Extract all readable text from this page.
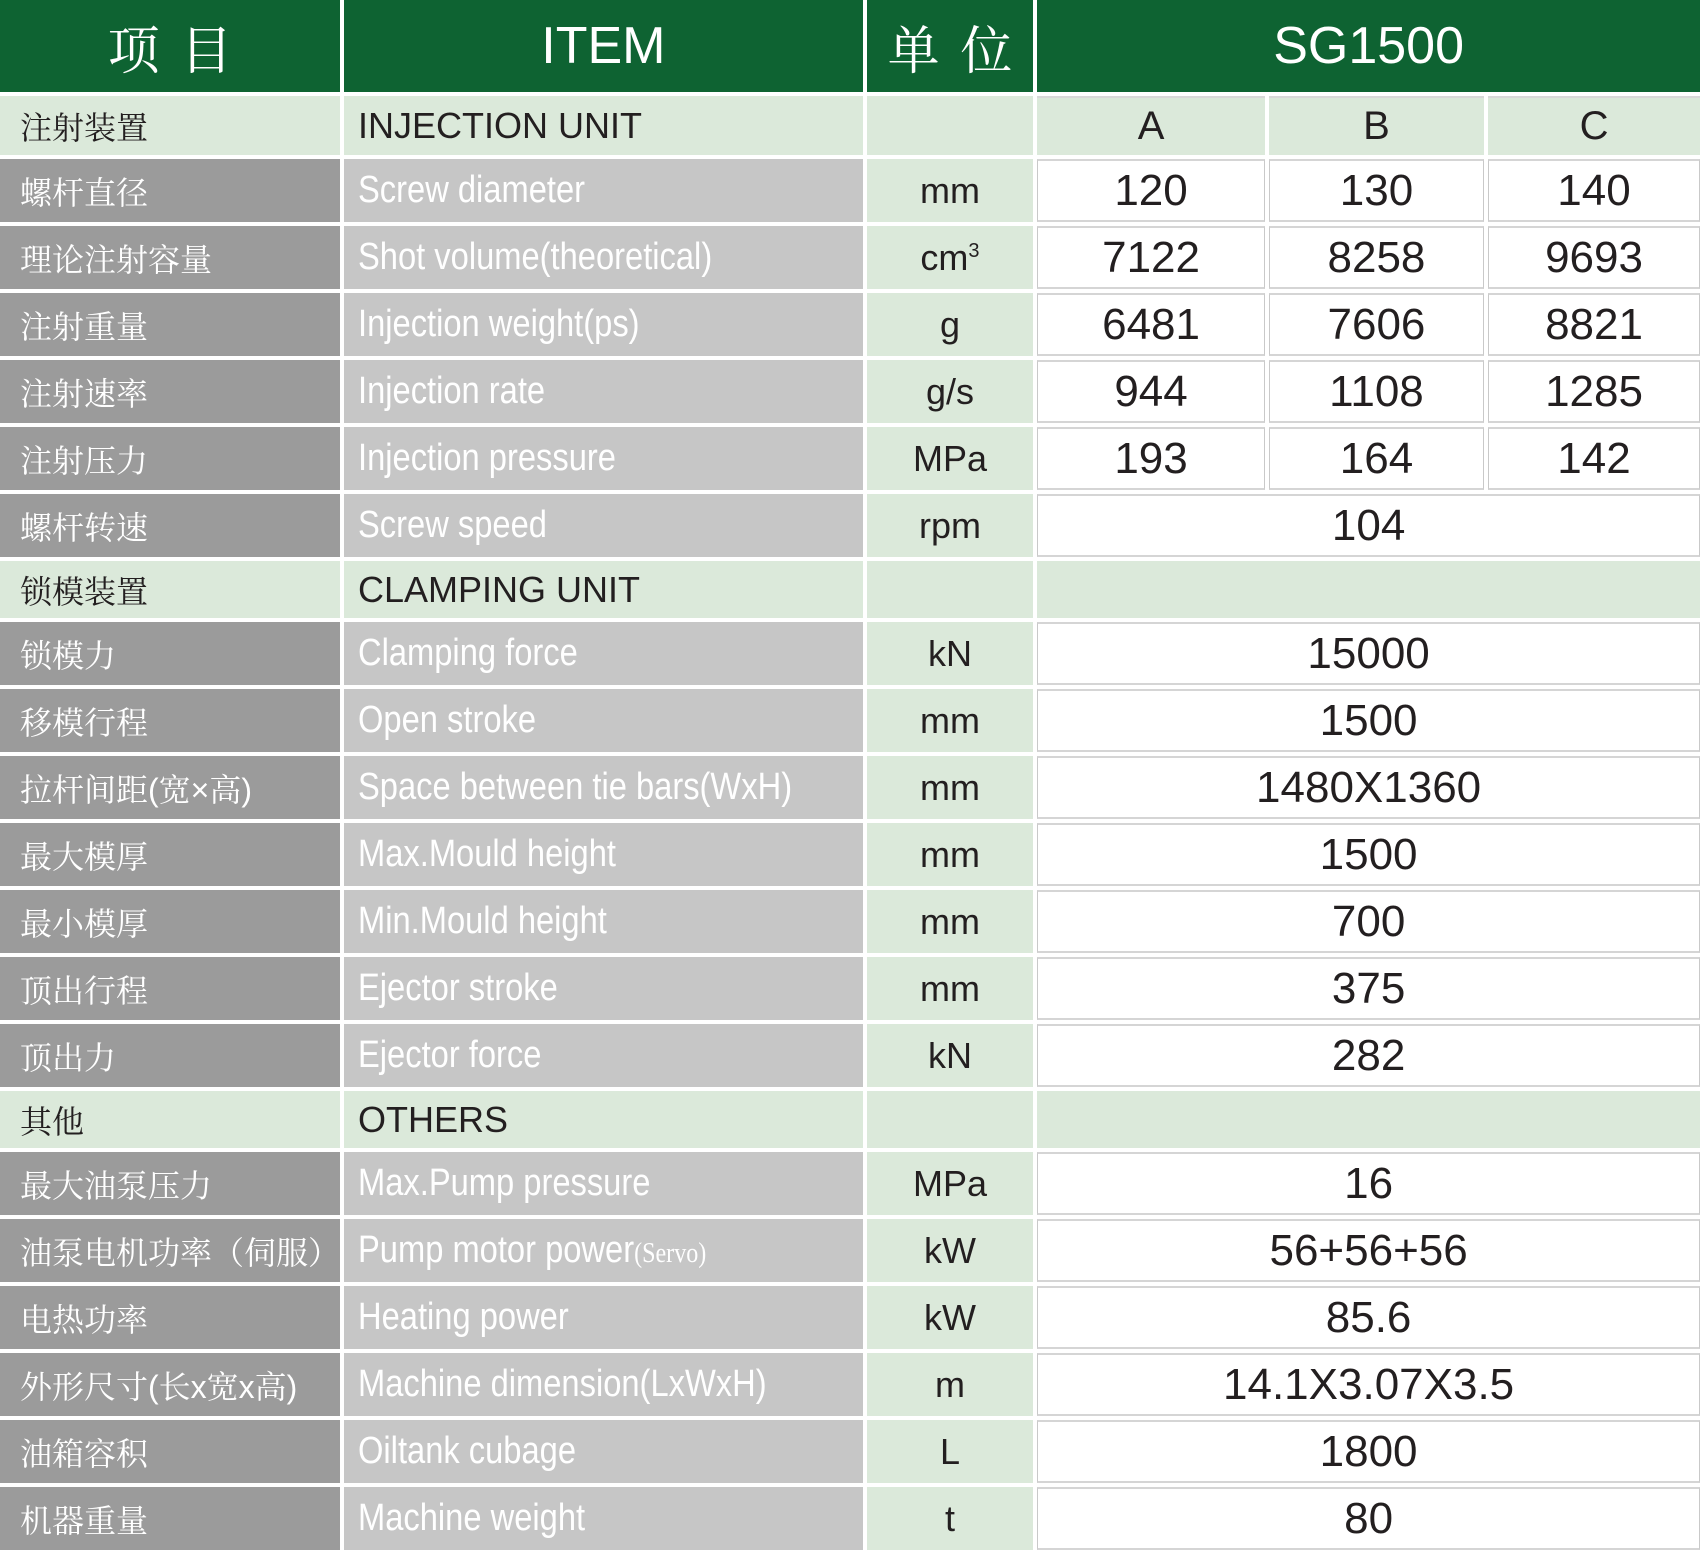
项目	ITEM	单位	SG1500		
注射装置	INJECTION UNIT		A	B	C
螺杆直径	Screw diameter	mm	120	130	140
理论注射容量	Shot volume(theoretical)	$cm^3$	7122	8258	9693
注射重量	Injection weight(ps)	g	6481	7606	8821
注射速率	Injection rate	g/s	944	1108	1285
注射压力	Injection pressure	MPa	193	164	142
螺杆转速	Screw speed	rpm	104		
锁模装置	CLAMPING UNIT				
锁模力	Clamping force	kN	15000		
移模行程	Open stroke	mm	1500		
拉杆间距(宽×高)	Space between tie bars(WxH)	mm	1480X1360		
最大模厚	Max.Mould height	mm	1500		
最小模厚	Min.Mould height	mm	700		
顶出行程	Ejector stroke	mm	375		
顶出力	Ejector force	kN	282		
其他	OTHERS				
最大油泵压力	Max.Pump pressure	MPa	16		
油泵电机功率（伺服）	Pump motor power(Servo)	kW	56+56+56		
电热功率	Heating power	kW	85.6		
外形尺寸(长x宽x高)	Machine dimension(LxWxH)	m	14.1X3.07X3.5		
油箱容积	Oiltank cubage	L	1800		
机器重量	Machine weight	t	80		
